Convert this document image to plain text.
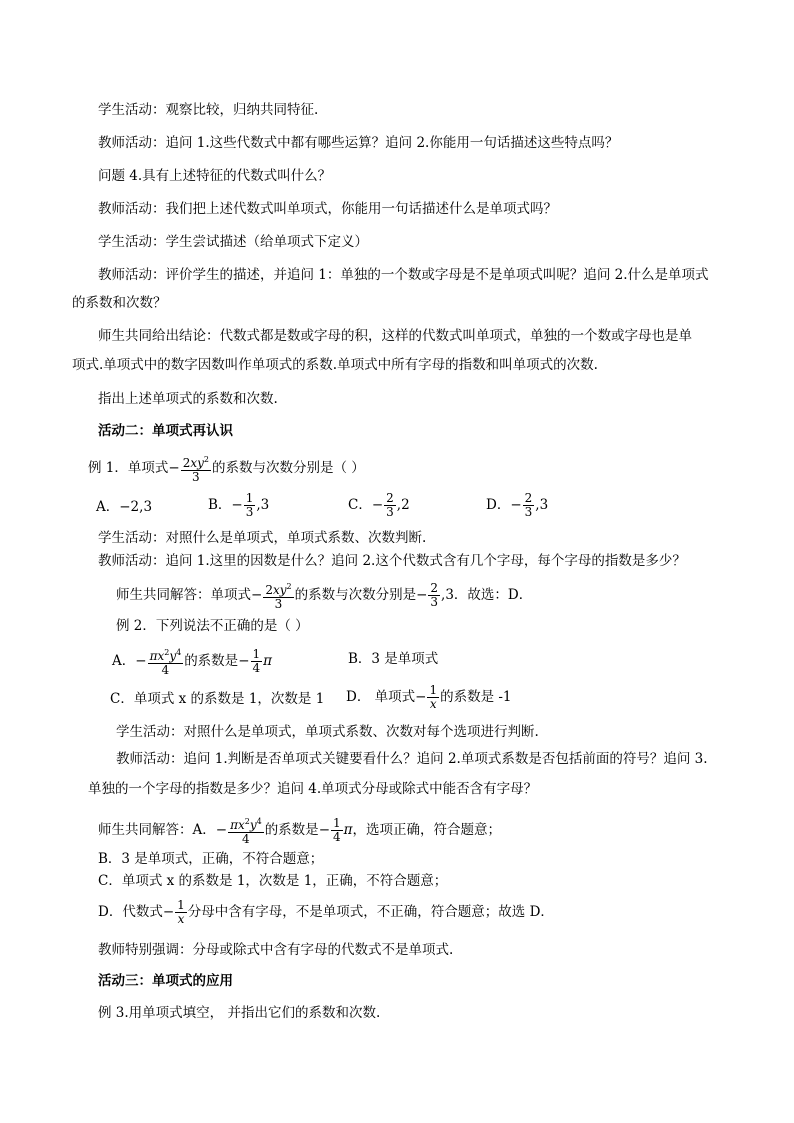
学生活动：观察比较，归纳共同特征.
教师活动：追问 1.这些代数式中都有哪些运算？追问 2.你能用一句话描述这些特点吗？
问题 4.具有上述特征的代数式叫什么？
教师活动：我们把上述代数式叫单项式，你能用一句话描述什么是单项式吗？
学生活动：学生尝试描述（给单项式下定义）
教师活动：评价学生的描述，并追问 1：单独的一个数或字母是不是单项式叫呢？追问 2.什么是单项式
的系数和次数？
师生共同给出结论：代数式都是数或字母的积，这样的代数式叫单项式，单独的一个数或字母也是单
项式.单项式中的数字因数叫作单项式的系数.单项式中所有字母的指数和叫单项式的次数.
指出上述单项式的系数和次数.
活动二：单项式再认识
例 1．单项式− $\frac{2xy^2}{3}$ 的系数与次数分别是（ ）
A．−2,3	B．− $\frac{1}{3} ,3$	C．− $\frac{2}{3} ,2$	D．− $\frac{2}{3} ,3$
学生活动：对照什么是单项式，单项式系数、次数判断.
教师活动：追问 1.这里的因数是什么？追问 2.这个代数式含有几个字母，每个字母的指数是多少？
师生共同解答：单项式− $\frac{2xy^2}{3}$ 的系数与次数分别是− $\frac{2}{3} ,3$．故选：D．
例 2．下列说法不正确的是（ ）
A．− $\frac{\pi x^2y^4}{4}$ 的系数是− $\frac{1}{4}$ π	B．3 是单项式
C．单项式 x 的系数是 1，次数是 1 D． 单项式− $\frac{1}{x}$ 的系数是 -1
学生活动：对照什么是单项式，单项式系数、次数对每个选项进行判断.
教师活动：追问 1.判断是否单项式关键要看什么？追问 2.单项式系数是否包括前面的符号？追问 3.
单独的一个字母的指数是多少？追问 4.单项式分母或除式中能否含有字母？
师生共同解答：A．− $\frac{\pi x^2y^4}{4}$ 的系数是− $\frac{1}{4}$ π，选项正确，符合题意；
B．3 是单项式，正确，不符合题意；
C．单项式 x 的系数是 1，次数是 1，正确，不符合题意；
D．代数式− $\frac{1}{x}$ 分母中含有字母，不是单项式，不正确，符合题意；故选 D．
教师特别强调：分母或除式中含有字母的代数式不是单项式.
活动三：单项式的应用
例 3.用单项式填空， 并指出它们的系数和次数.
